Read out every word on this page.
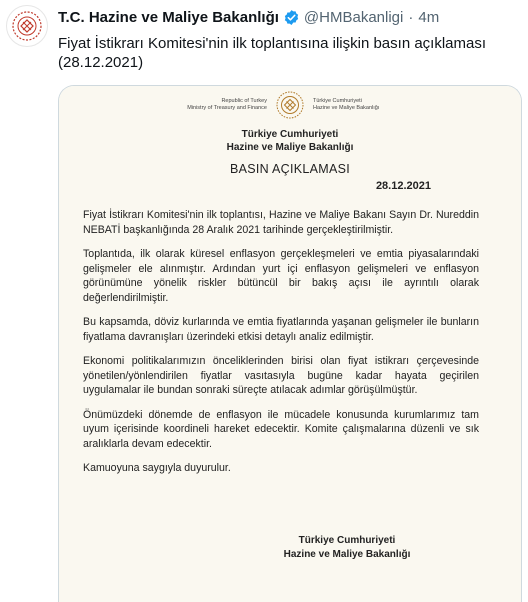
T.C. Hazine ve Maliye Bakanlığı @HMBakanligi · 4m
Fiyat İstikrarı Komitesi'nin ilk toplantısına ilişkin basın açıklaması (28.12.2021)
Republic of Turkey
Ministry of Treasury and Finance
Türkiye Cumhuriyeti
Hazine ve Maliye Bakanlığı
Türkiye Cumhuriyeti
Hazine ve Maliye Bakanlığı
BASIN AÇIKLAMASI
28.12.2021

Fiyat İstikrarı Komitesi'nin ilk toplantısı, Hazine ve Maliye Bakanı Sayın Dr. Nureddin NEBATİ başkanlığında 28 Aralık 2021 tarihinde gerçekleştirilmiştir.

Toplantıda, ilk olarak küresel enflasyon gerçekleşmeleri ve emtia piyasalarındaki gelişmeler ele alınmıştır. Ardından yurt içi enflasyon gelişmeleri ve enflasyon görünümüne yönelik riskler bütüncül bir bakış açısı ile ayrıntılı olarak değerlendirilmiştir.

Bu kapsamda, döviz kurlarında ve emtia fiyatlarında yaşanan gelişmeler ile bunların fiyatlama davranışları üzerindeki etkisi detaylı analiz edilmiştir.

Ekonomi politikalarımızın önceliklerinden birisi olan fiyat istikrarı çerçevesinde yönetilen/yönlendirilen fiyatlar vasıtasıyla bugüne kadar hayata geçirilen uygulamalar ile bundan sonraki süreçte atılacak adımlar görüşülmüştür.

Önümüzdeki dönemde de enflasyon ile mücadele konusunda kurumlarımız tam uyum içerisinde koordineli hareket edecektir. Komite çalışmalarına düzenli ve sık aralıklarla devam edecektir.

Kamuoyuna saygıyla duyurulur.

Türkiye Cumhuriyeti
Hazine ve Maliye Bakanlığı
